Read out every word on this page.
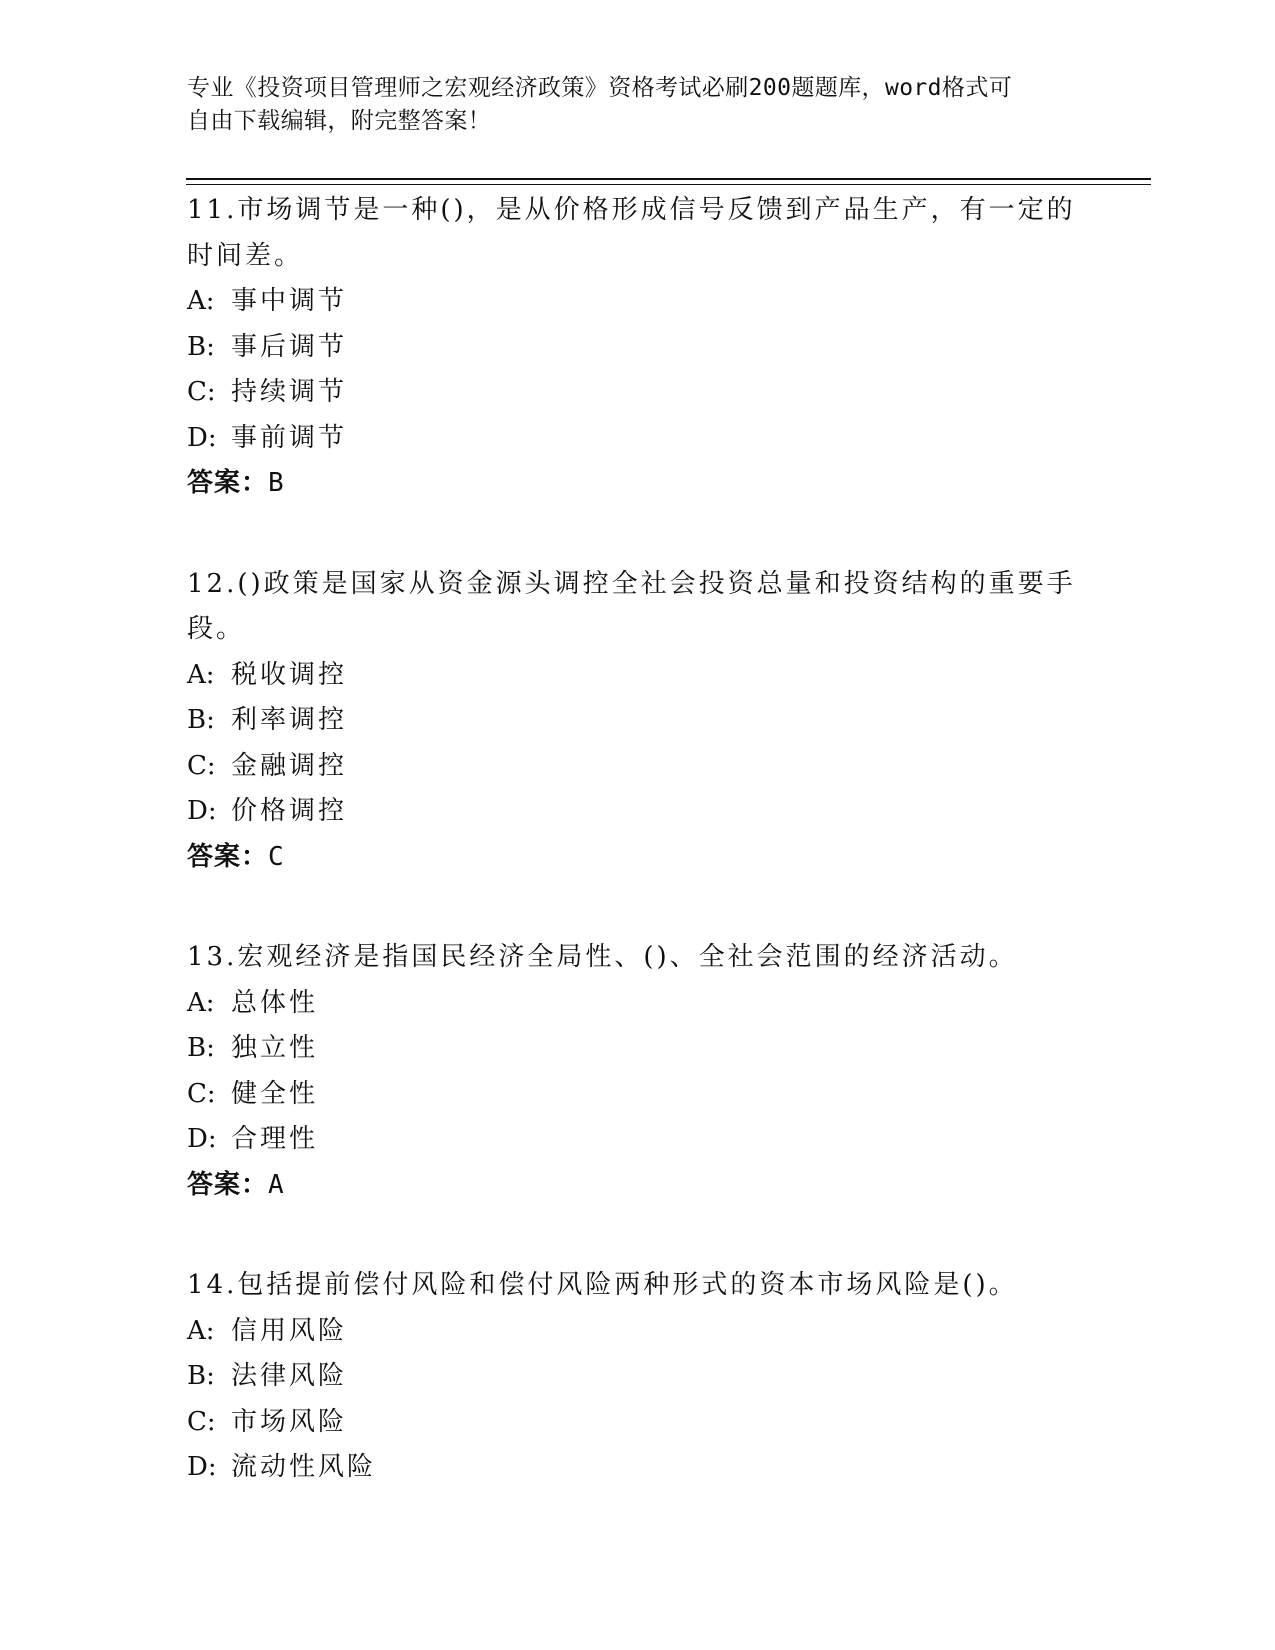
专业《投资项目管理师之宏观经济政策》资格考试必刷200题题库，word格式可
自由下载编辑，附完整答案！
11.市场调节是一种()，是从价格形成信号反馈到产品生产，有一定的
时间差。
A: 事中调节
B: 事后调节
C: 持续调节
D: 事前调节
答案：B
12.()政策是国家从资金源头调控全社会投资总量和投资结构的重要手
段。
A: 税收调控
B: 利率调控
C: 金融调控
D: 价格调控
答案：C
13.宏观经济是指国民经济全局性、()、全社会范围的经济活动。
A: 总体性
B: 独立性
C: 健全性
D: 合理性
答案：A
14.包括提前偿付风险和偿付风险两种形式的资本市场风险是()。
A: 信用风险
B: 法律风险
C: 市场风险
D: 流动性风险
